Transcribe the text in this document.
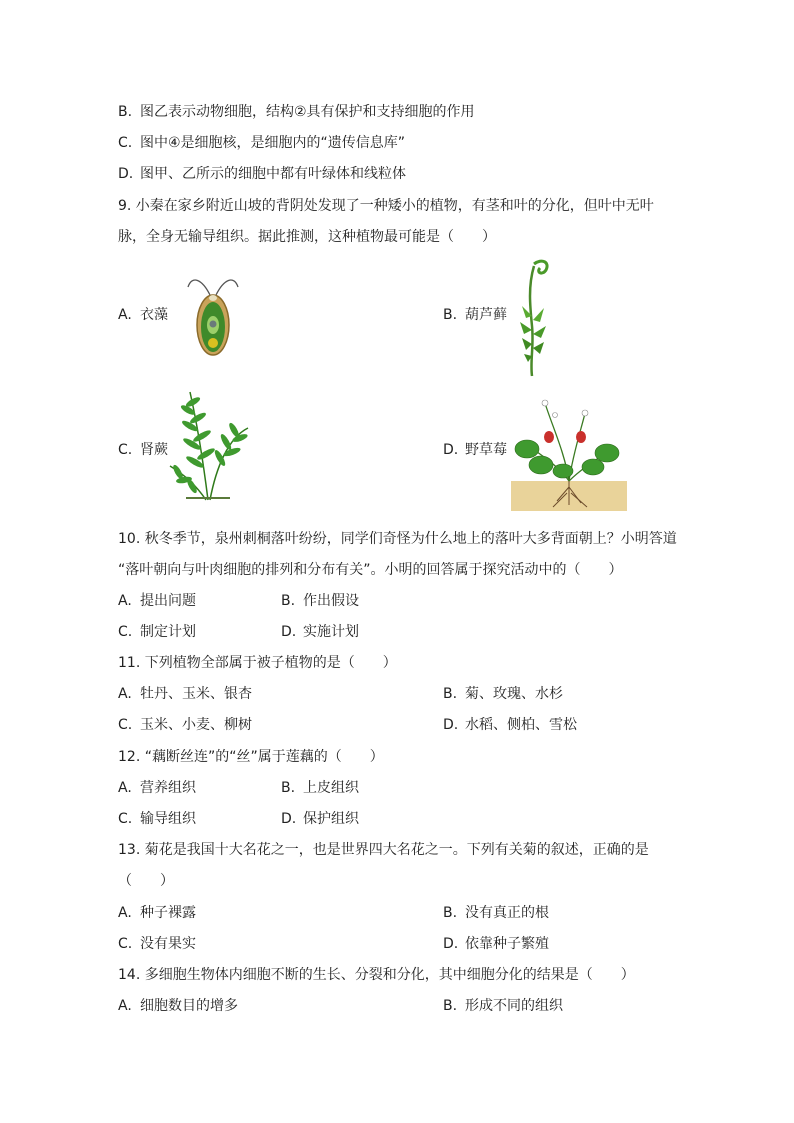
B. 图乙表示动物细胞，结构②具有保护和支持细胞的作用
C. 图中④是细胞核，是细胞内的“遗传信息库”
D. 图甲、乙所示的细胞中都有叶绿体和线粒体
9. 小秦在家乡附近山坡的背阴处发现了一种矮小的植物，有茎和叶的分化，但叶中无叶
脉，全身无输导组织。据此推测，这种植物最可能是（　　）
A. 衣藻	B. 葫芦藓
C. 肾蕨	D. 野草莓
10. 秋冬季节，泉州刺桐落叶纷纷，同学们奇怪为什么地上的落叶大多背面朝上？小明答道
“落叶朝向与叶肉细胞的排列和分布有关”。小明的回答属于探究活动中的（　　）
A. 提出问题	B. 作出假设
C. 制定计划	D. 实施计划
11. 下列植物全部属于被子植物的是（　　）
A. 牡丹、玉米、银杏	B. 菊、玫瑰、水杉
C. 玉米、小麦、柳树	D. 水稻、侧柏、雪松
12. “藕断丝连”的“丝”属于莲藕的（　　）
A. 营养组织	B. 上皮组织
C. 输导组织	D. 保护组织
13. 菊花是我国十大名花之一，也是世界四大名花之一。下列有关菊的叙述，正确的是
（　　）
A. 种子裸露	B. 没有真正的根
C. 没有果实	D. 依靠种子繁殖
14. 多细胞生物体内细胞不断的生长、分裂和分化，其中细胞分化的结果是（　　）
A. 细胞数目的增多	B. 形成不同的组织
